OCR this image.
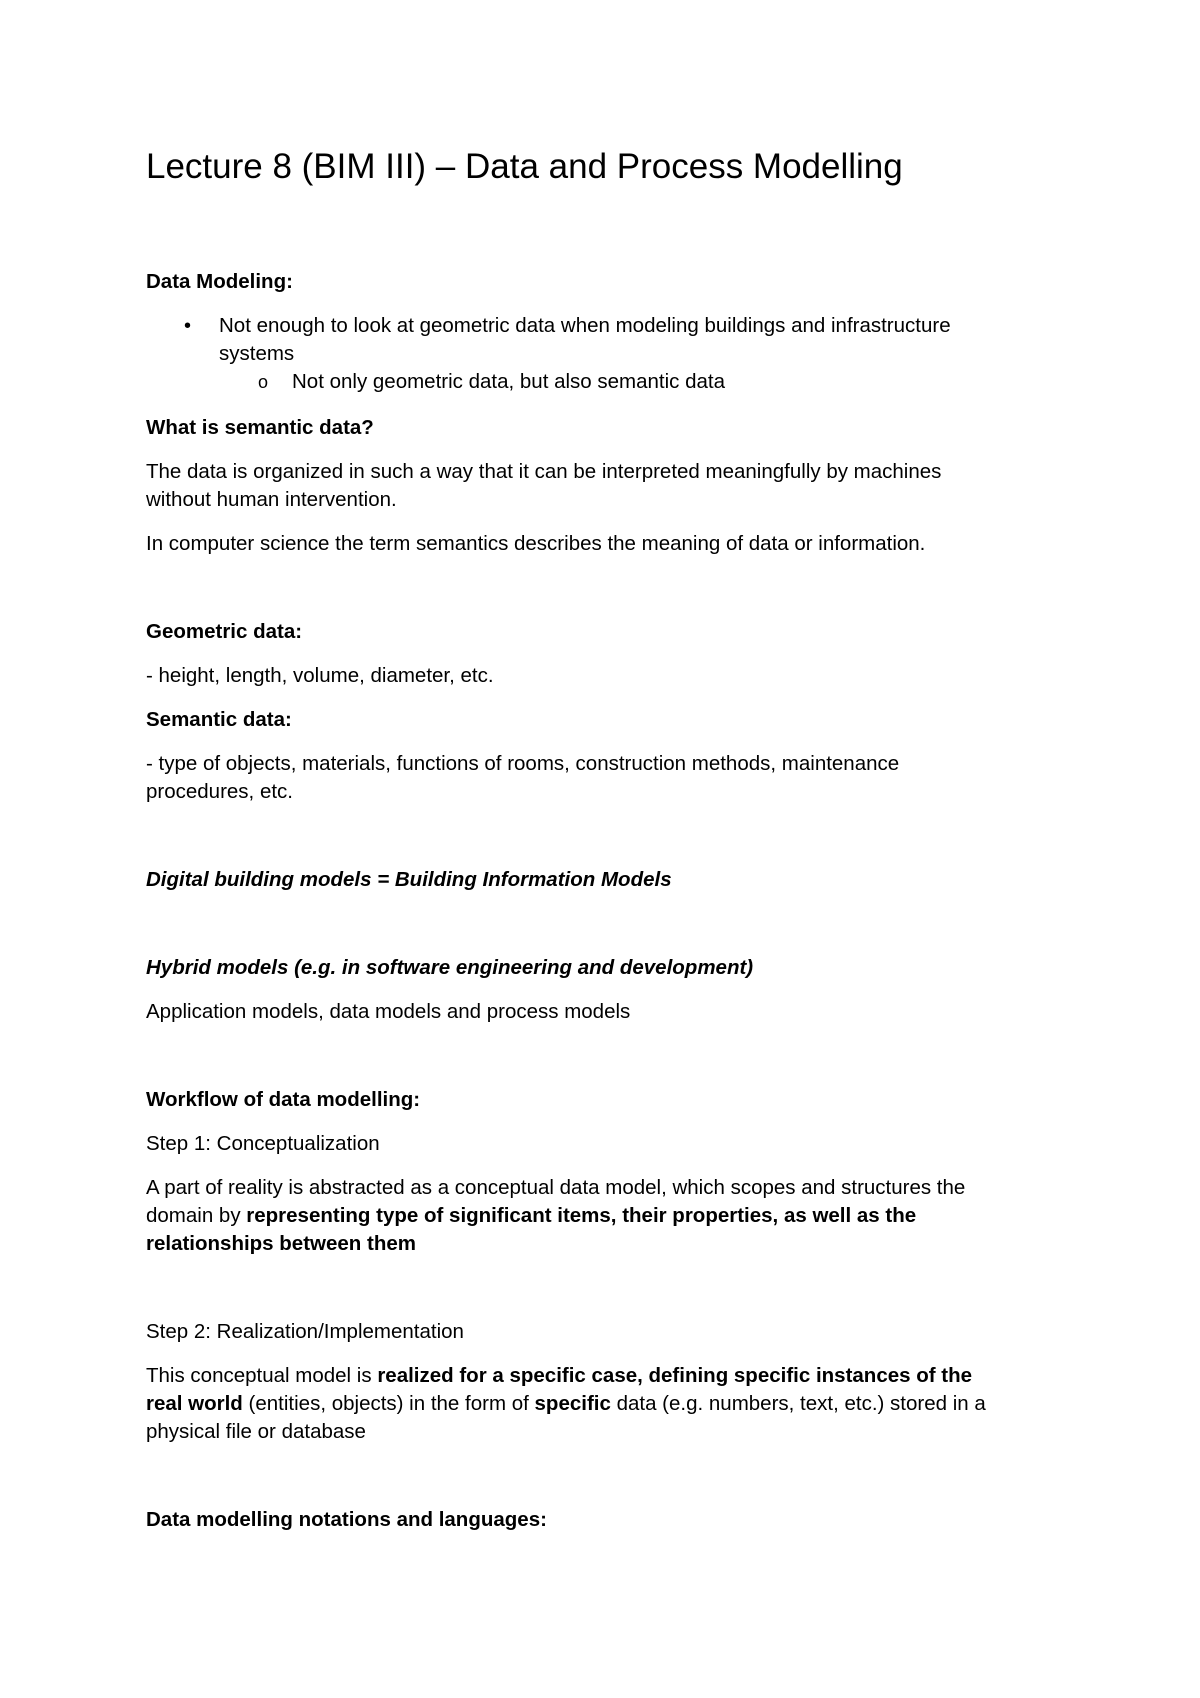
Lecture 8 (BIM III) – Data and Process Modelling

Data Modeling:

• Not enough to look at geometric data when modeling buildings and infrastructure

systems

o Not only geometric data, but also semantic data

What is semantic data?

The data is organized in such a way that it can be interpreted meaningfully by machines

without human intervention.

In computer science the term semantics describes the meaning of data or information.

Geometric data:

- height, length, volume, diameter, etc.

Semantic data:

- type of objects, materials, functions of rooms, construction methods, maintenance

procedures, etc.

Digital building models = Building Information Models

Hybrid models (e.g. in software engineering and development)

Application models, data models and process models

Workflow of data modelling:

Step 1: Conceptualization

A part of reality is abstracted as a conceptual data model, which scopes and structures the

domain by representing type of significant items, their properties, as well as the

relationships between them

Step 2: Realization/Implementation

This conceptual model is realized for a specific case, defining specific instances of the

real world (entities, objects) in the form of specific data (e.g. numbers, text, etc.) stored in a

physical file or database

Data modelling notations and languages:
